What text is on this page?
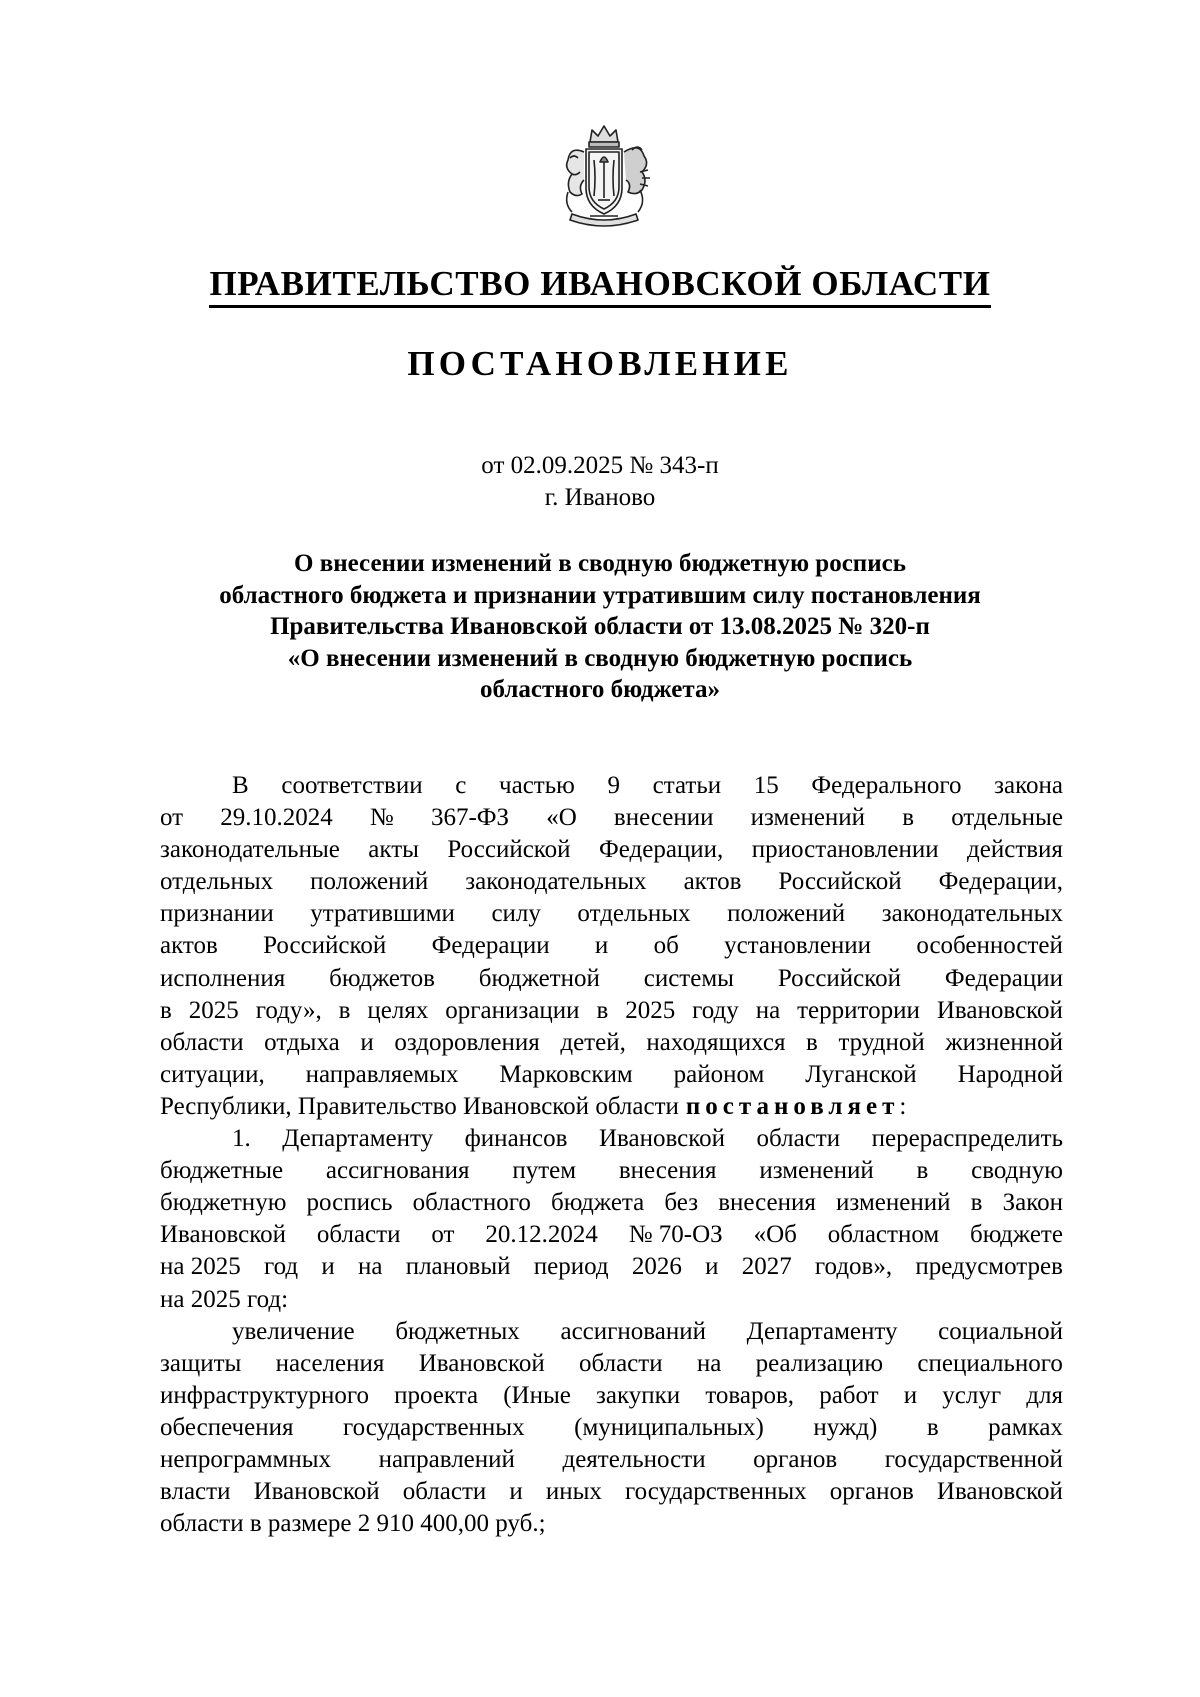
ПРАВИТЕЛЬСТВО ИВАНОВСКОЙ ОБЛАСТИ
ПОСТАНОВЛЕНИЕ
от 02.09.2025 № 343-п
г. Иваново
О внесении изменений в сводную бюджетную роспись
областного бюджета и признании утратившим силу постановления
Правительства Ивановской области от 13.08.2025 № 320-п
«О внесении изменений в сводную бюджетную роспись
областного бюджета»
В соответствии с частью 9 статьи 15 Федерального закона
от 29.10.2024 № 367-ФЗ «О внесении изменений в отдельные
законодательные акты Российской Федерации, приостановлении действия
отдельных положений законодательных актов Российской Федерации,
признании утратившими силу отдельных положений законодательных
актов Российской Федерации и об установлении особенностей
исполнения бюджетов бюджетной системы Российской Федерации
в 2025 году», в целях организации в 2025 году на территории Ивановской
области отдыха и оздоровления детей, находящихся в трудной жизненной
ситуации, направляемых Марковским районом Луганской Народной
Республики, Правительство Ивановской области постановляет :
1. Департаменту финансов Ивановской области перераспределить
бюджетные ассигнования путем внесения изменений в сводную
бюджетную роспись областного бюджета без внесения изменений в Закон
Ивановской области от 20.12.2024 № 70-ОЗ «Об областном бюджете
на 2025 год и на плановый период 2026 и 2027 годов», предусмотрев
на 2025 год:
увеличение бюджетных ассигнований Департаменту социальной
защиты населения Ивановской области на реализацию специального
инфраструктурного проекта (Иные закупки товаров, работ и услуг для
обеспечения государственных (муниципальных) нужд) в рамках
непрограммных направлений деятельности органов государственной
власти Ивановской области и иных государственных органов Ивановской
области в размере 2 910 400,00 руб.;
